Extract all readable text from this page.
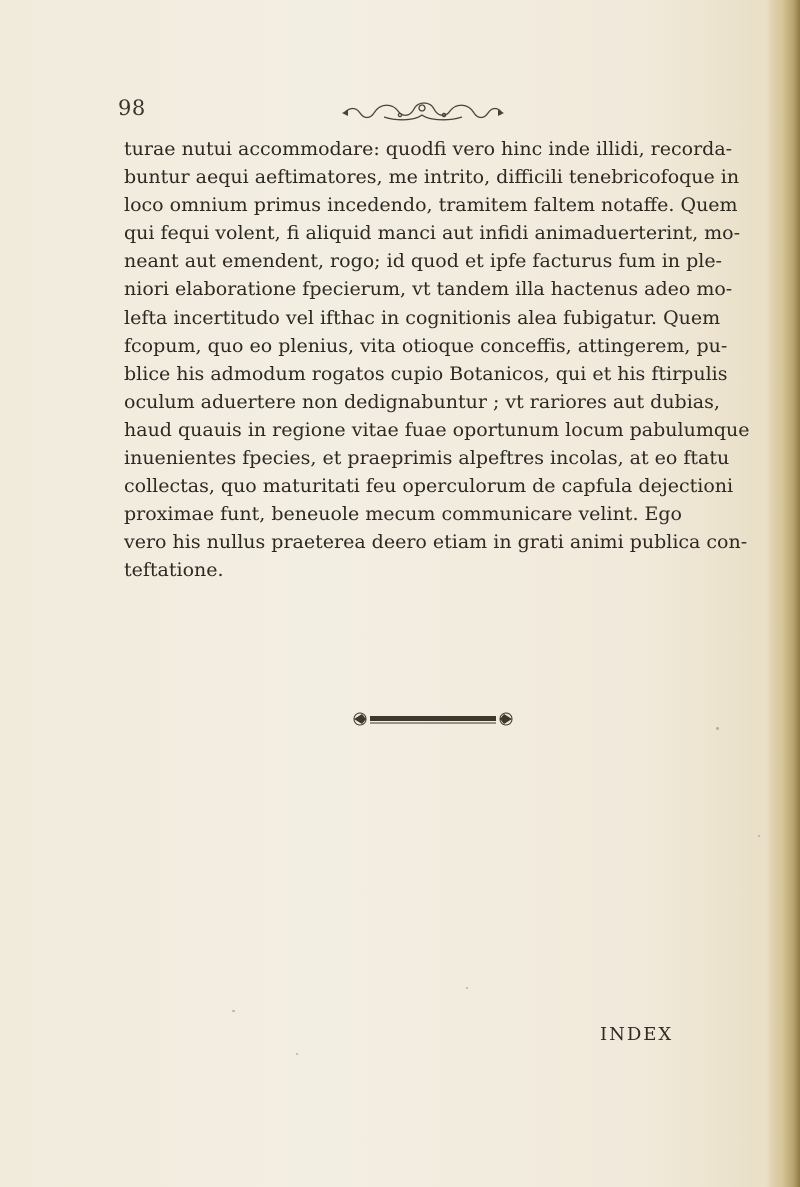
98
turae nutui accommodare: quodfi vero hinc inde illidi, recorda-
buntur aequi aeftimatores, me intrito, difficili tenebricofoque in
loco omnium primus incedendo, tramitem faltem notaffe. Quem
qui fequi volent, fi aliquid manci aut infidi animaduerterint, mo-
neant aut emendent, rogo; id quod et ipfe facturus fum in ple-
niori elaboratione fpecierum, vt tandem illa hactenus adeo mo-
lefta incertitudo vel ifthac in cognitionis alea fubigatur. Quem
fcopum, quo eo plenius, vita otioque conceffis, attingerem, pu-
blice his admodum rogatos cupio Botanicos, qui et his ftirpulis
oculum aduertere non dedignabuntur ; vt rariores aut dubias,
haud quauis in regione vitae fuae oportunum locum pabulumque
inuenientes fpecies, et praeprimis alpeftres incolas, at eo ftatu
collectas, quo maturitati feu operculorum de capfula dejectioni
proximae funt, beneuole mecum communicare velint. Ego
vero his nullus praeterea deero etiam in grati animi publica con-
teftatione.
INDEX
